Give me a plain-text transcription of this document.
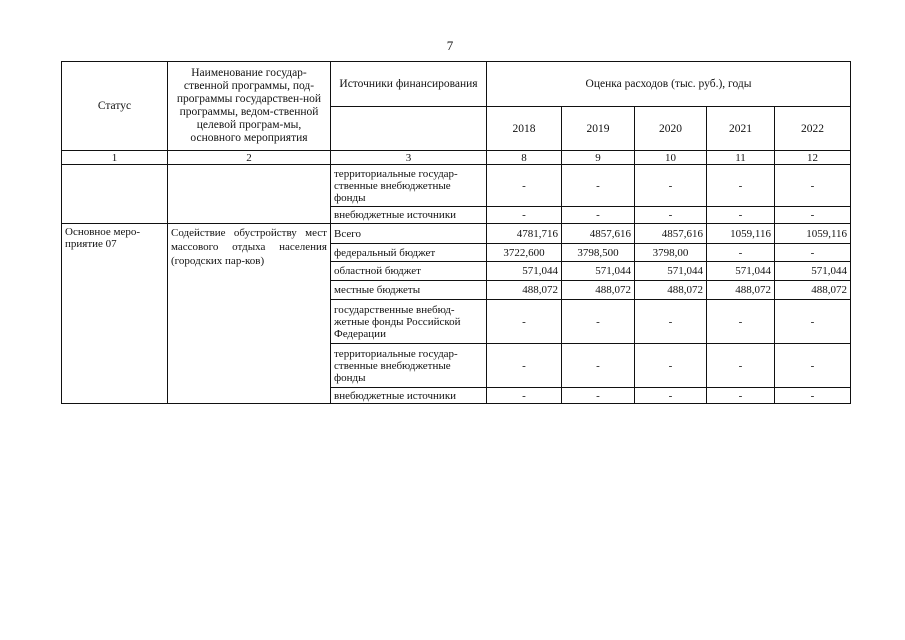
7
Статус	Наименование государ-ственной программы, под-программы государствен-ной программы, ведом-ственной целевой програм-мы, основного мероприятия	Источники финансирования	Оценка расходов (тыс. руб.), годы				
			2018	2019	2020	2021	2022
1	2	3	8	9	10	11	12
		территориальные государ-ственные внебюджетные фонды	-	-	-	-	-
		внебюджетные источники	-	-	-	-	-
Основное меро-приятие 07	Содействие обустройству мест массового отдыха населения (городских пар-ков)	Всего	4781,716	4857,616	4857,616	1059,116	1059,116
		федеральный бюджет	3722,600	3798,500	3798,00	-	-
		областной бюджет	571,044	571,044	571,044	571,044	571,044
		местные бюджеты	488,072	488,072	488,072	488,072	488,072
		государственные внебюд-жетные фонды Российской Федерации	-	-	-	-	-
		территориальные государ-ственные внебюджетные фонды	-	-	-	-	-
		внебюджетные источники	-	-	-	-	-
